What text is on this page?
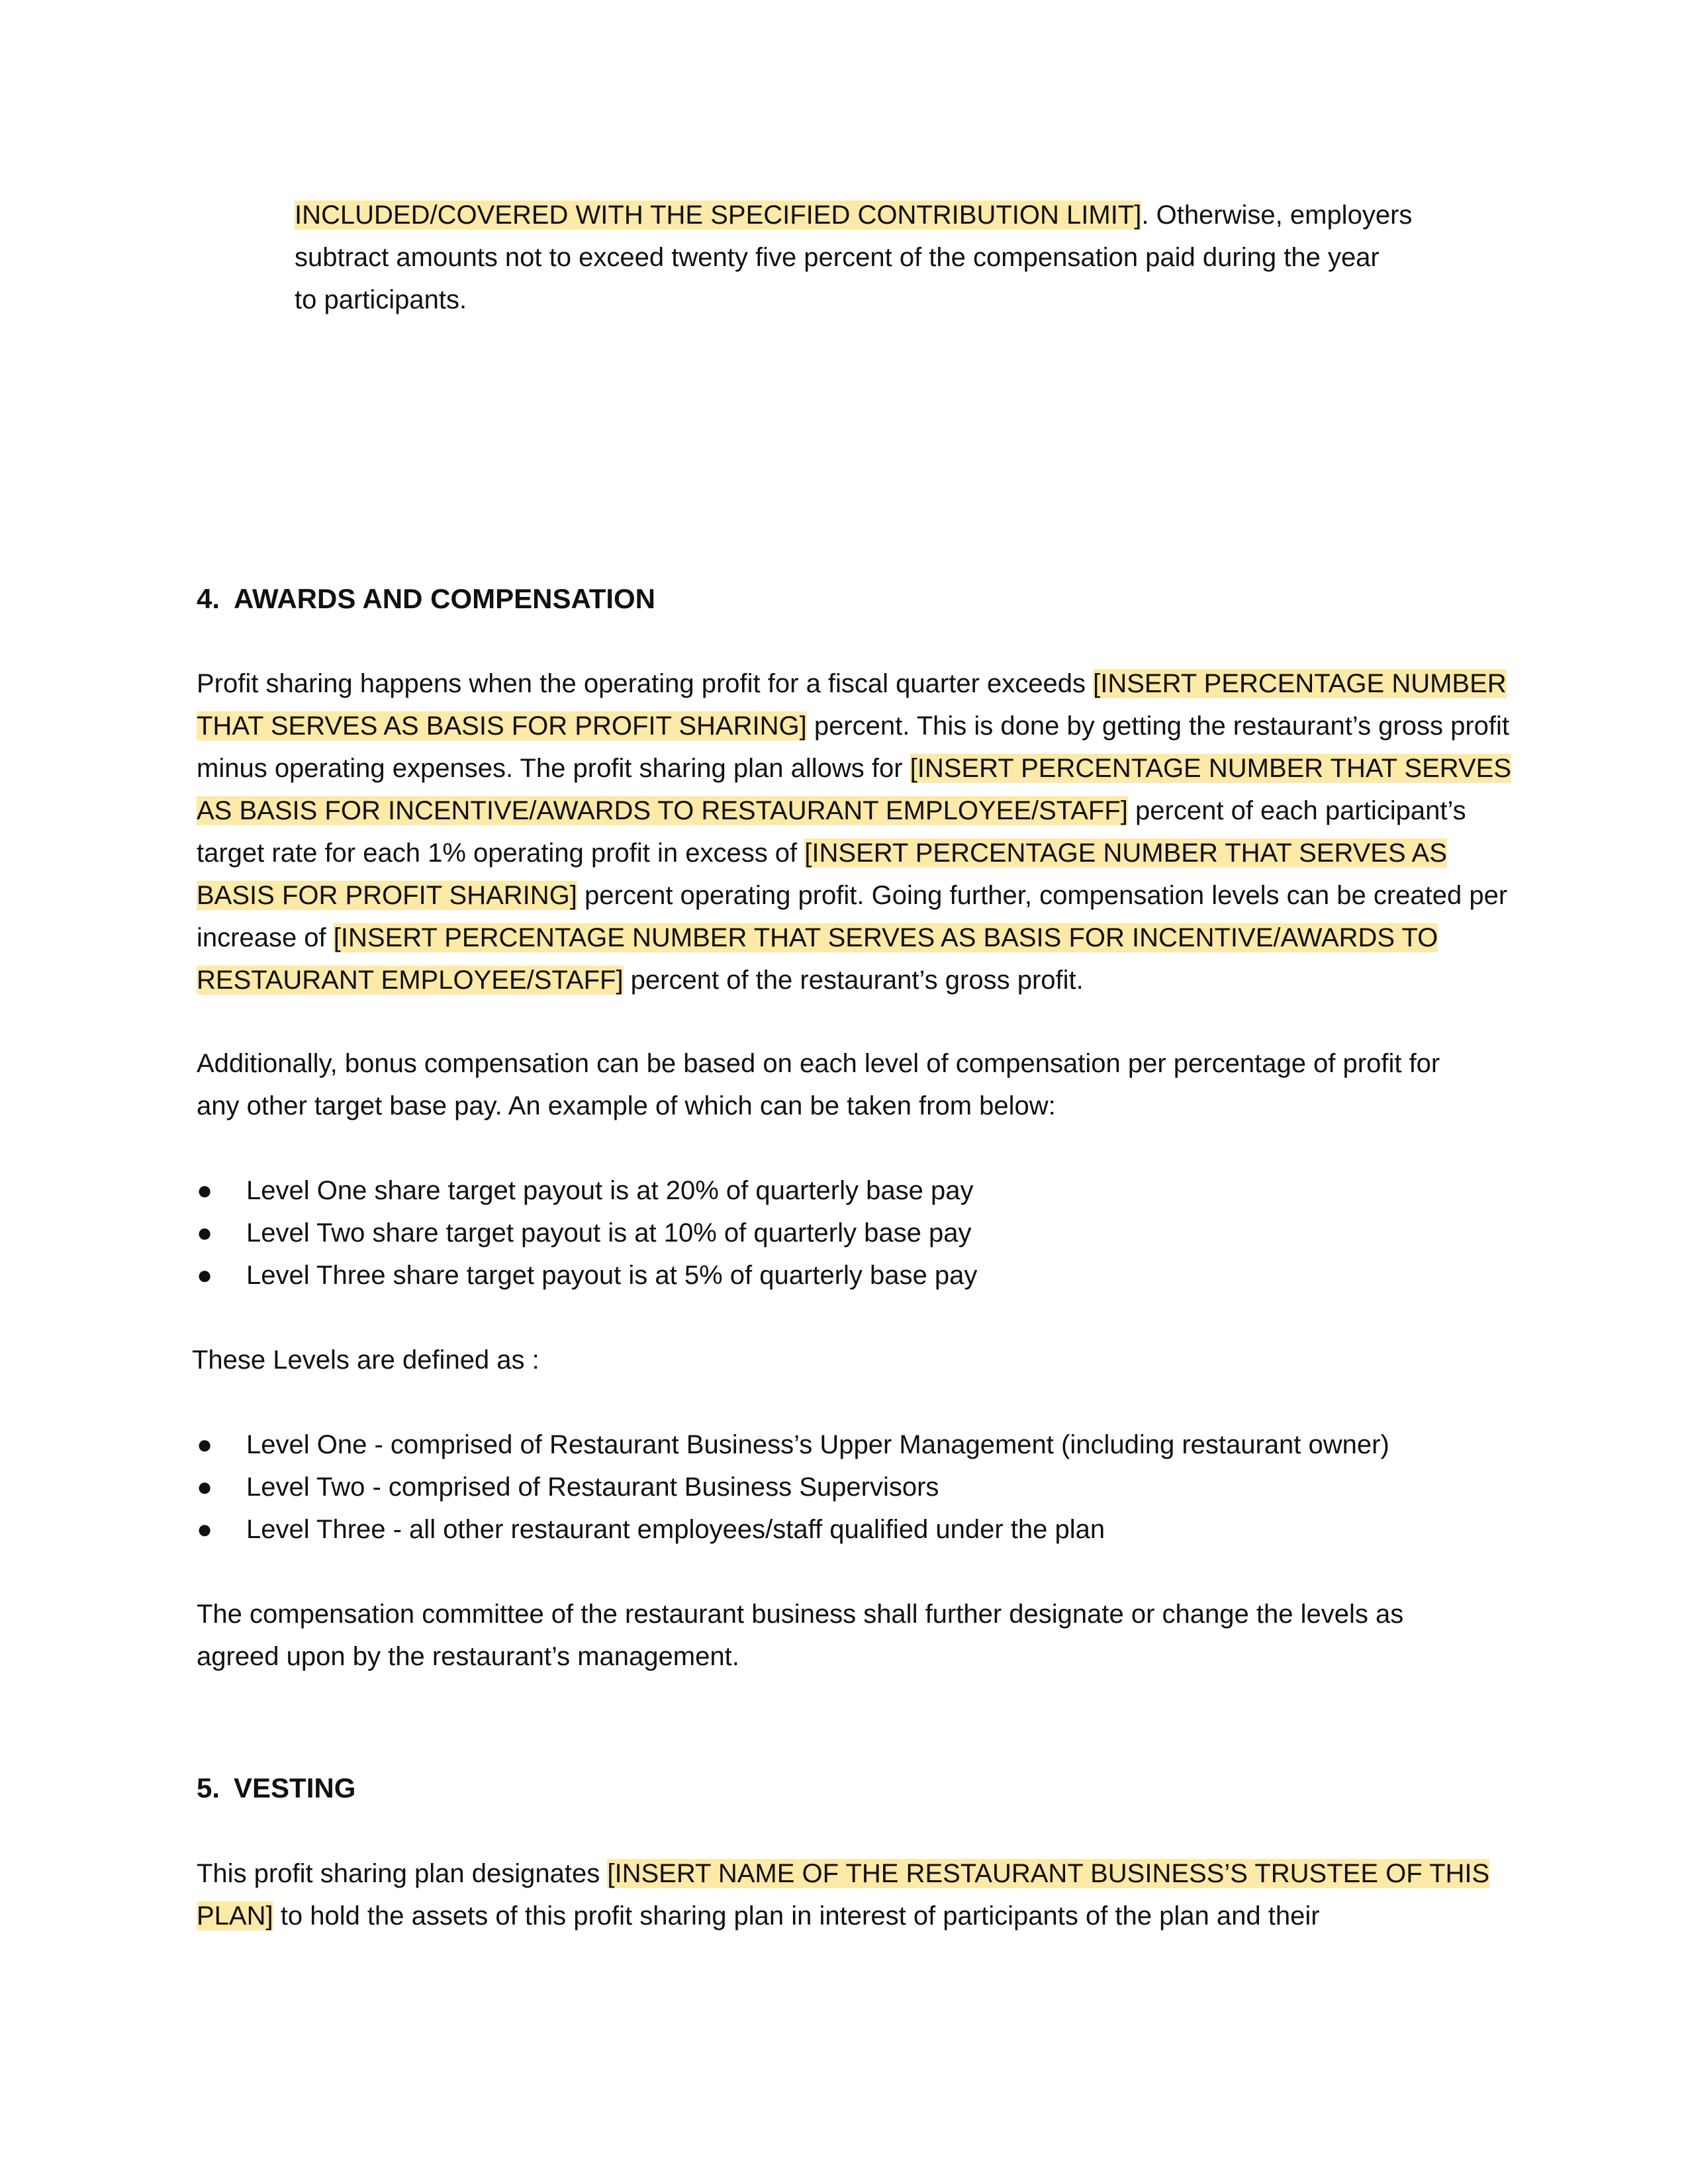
INCLUDED/COVERED WITH THE SPECIFIED CONTRIBUTION LIMIT]. Otherwise, employers
subtract amounts not to exceed twenty five percent of the compensation paid during the year
to participants.
4. AWARDS AND COMPENSATION
Profit sharing happens when the operating profit for a fiscal quarter exceeds [INSERT PERCENTAGE NUMBER THAT SERVES AS BASIS FOR PROFIT SHARING] percent. This is done by getting the restaurant’s gross profit minus operating expenses. The profit sharing plan allows for [INSERT PERCENTAGE NUMBER THAT SERVES AS BASIS FOR INCENTIVE/AWARDS TO RESTAURANT EMPLOYEE/STAFF] percent of each participant’s target rate for each 1% operating profit in excess of [INSERT PERCENTAGE NUMBER THAT SERVES AS BASIS FOR PROFIT SHARING] percent operating profit. Going further, compensation levels can be created per increase of [INSERT PERCENTAGE NUMBER THAT SERVES AS BASIS FOR INCENTIVE/AWARDS TO RESTAURANT EMPLOYEE/STAFF] percent of the restaurant’s gross profit.
Additionally, bonus compensation can be based on each level of compensation per percentage of profit for any other target base pay. An example of which can be taken from below:
● Level One share target payout is at 20% of quarterly base pay
● Level Two share target payout is at 10% of quarterly base pay
● Level Three share target payout is at 5% of quarterly base pay
These Levels are defined as :
● Level One - comprised of Restaurant Business’s Upper Management (including restaurant owner)
● Level Two - comprised of Restaurant Business Supervisors
● Level Three - all other restaurant employees/staff qualified under the plan
The compensation committee of the restaurant business shall further designate or change the levels as agreed upon by the restaurant’s management.
5. VESTING
This profit sharing plan designates [INSERT NAME OF THE RESTAURANT BUSINESS’S TRUSTEE OF THIS PLAN] to hold the assets of this profit sharing plan in interest of participants of the plan and their
